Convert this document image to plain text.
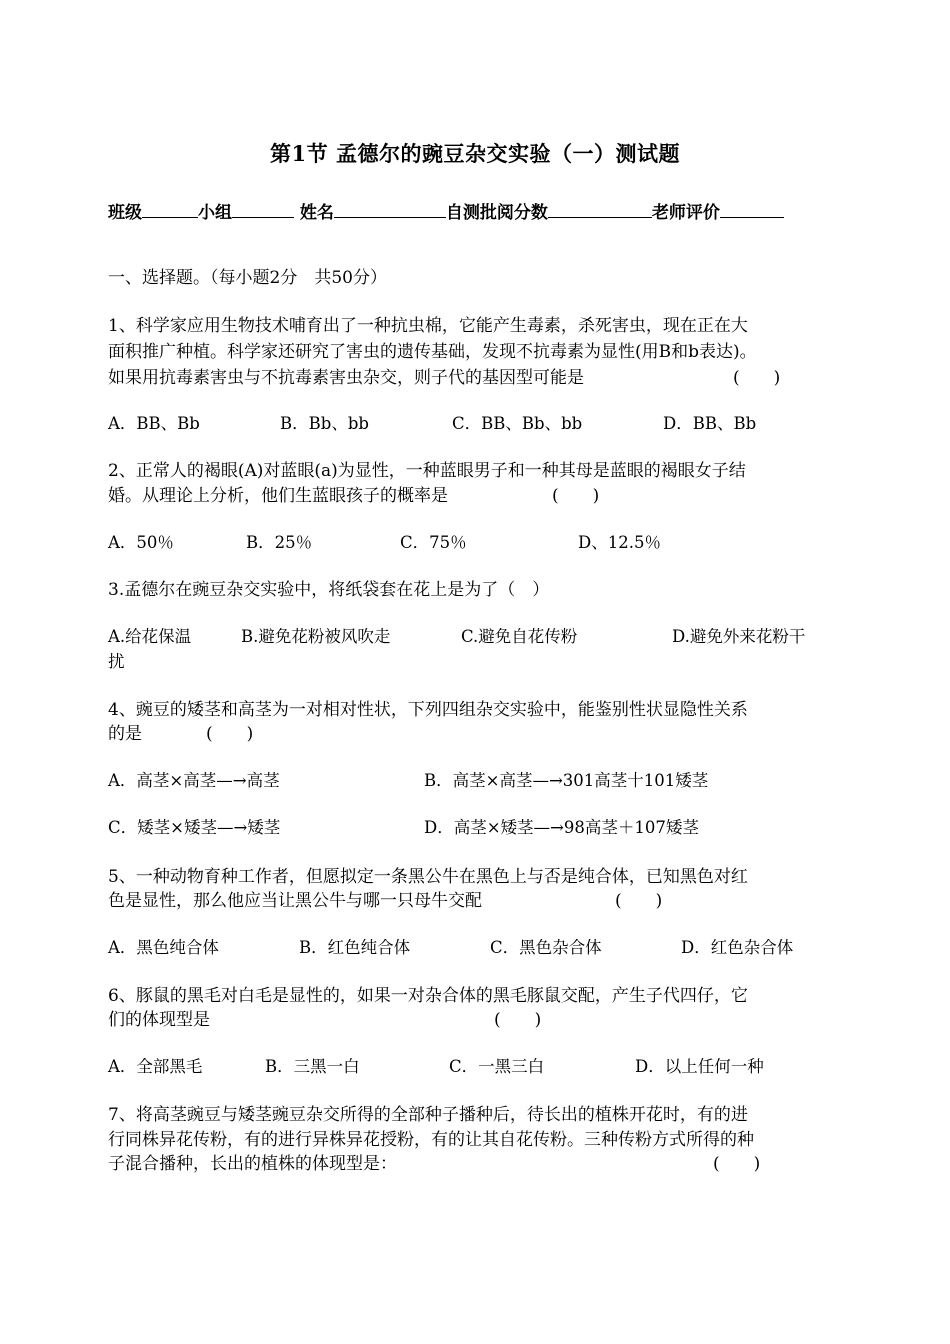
第1节 孟德尔的豌豆杂交实验（一）测试题
班级	小组	姓名	自测批阅分数	老师评价
一、选择题。（每小题2分　共50分）
1、科学家应用生物技术哺育出了一种抗虫棉，它能产生毒素，杀死害虫，现在正在大
面积推广种植。科学家还研究了害虫的遗传基础，发现不抗毒素为显性(用B和b表达)。
如果用抗毒素害虫与不抗毒素害虫杂交，则子代的基因型可能是	(　　)
A．BB、Bb	B．Bb、bb	C．BB、Bb、bb	D．BB、Bb
2、正常人的褐眼(A)对蓝眼(a)为显性，一种蓝眼男子和一种其母是蓝眼的褐眼女子结
婚。从理论上分析，他们生蓝眼孩子的概率是	(　　)
A．50％	B．25％	C．75％	D、12.5％
3.孟德尔在豌豆杂交实验中，将纸袋套在花上是为了（　）
A.给花保温	B.避免花粉被风吹走	C.避免自花传粉	D.避免外来花粉干
扰
4、豌豆的矮茎和高茎为一对相对性状，下列四组杂交实验中，能鉴别性状显隐性关系
的是	(　　)
A．高茎×高茎—→高茎	B．高茎×高茎—→301高茎十101矮茎
C．矮茎×矮茎—→矮茎	D．高茎×矮茎—→98高茎＋107矮茎
5、一种动物育种工作者，但愿拟定一条黑公牛在黑色上与否是纯合体，已知黑色对红
色是显性，那么他应当让黑公牛与哪一只母牛交配	(　　)
A．黑色纯合体	B．红色纯合体	C．黑色杂合体	D．红色杂合体
6、豚鼠的黑毛对白毛是显性的，如果一对杂合体的黑毛豚鼠交配，产生子代四仔，它
们的体现型是	(　　)
A．全部黑毛	B．三黑一白	C．一黑三白	D．以上任何一种
7、将高茎豌豆与矮茎豌豆杂交所得的全部种子播种后，待长出的植株开花时，有的进
行同株异花传粉，有的进行异株异花授粉，有的让其自花传粉。三种传粉方式所得的种
子混合播种，长出的植株的体现型是：	(　　)
